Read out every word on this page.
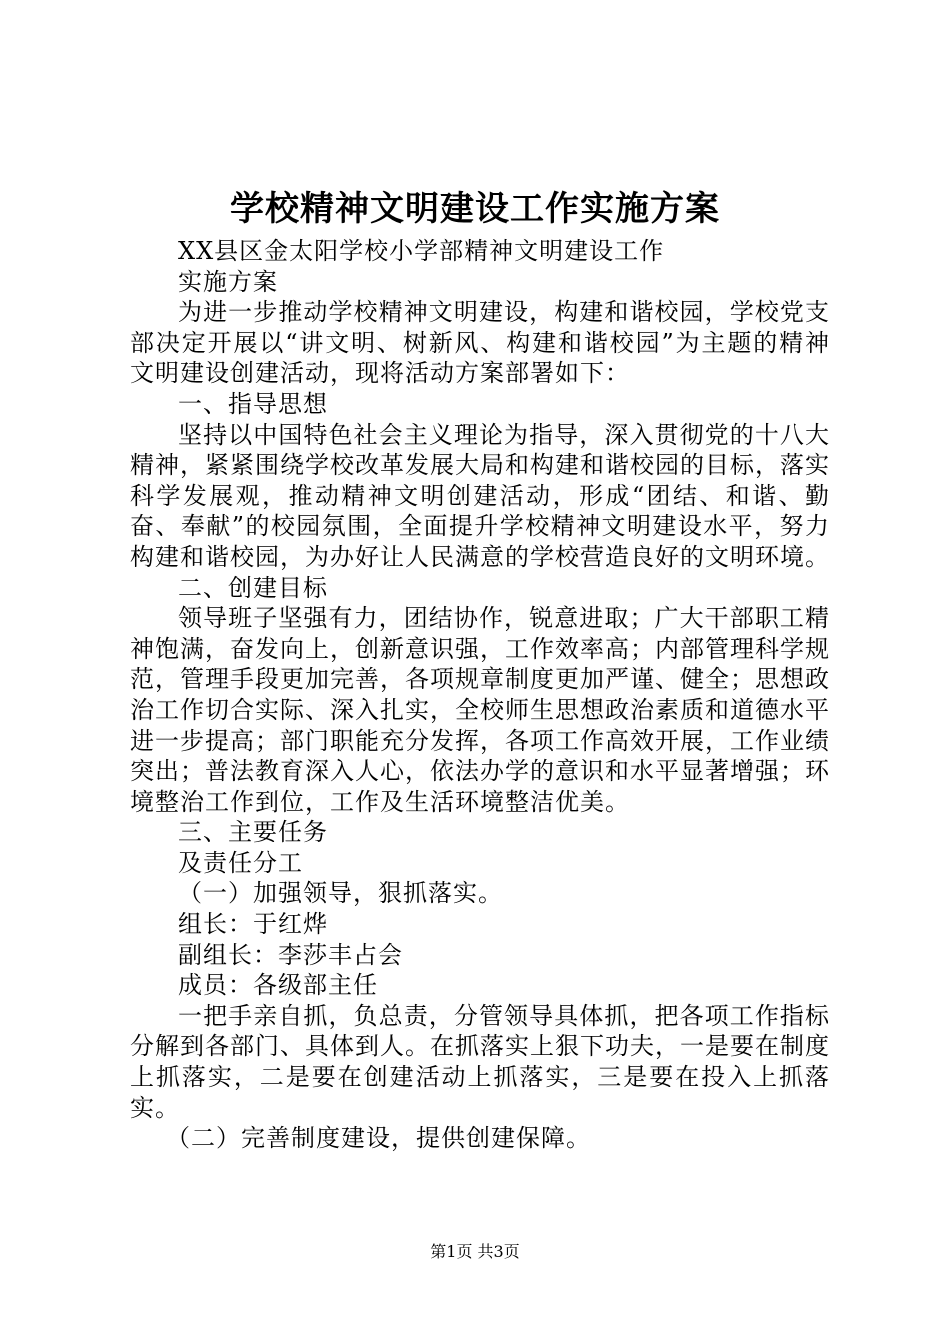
学校精神文明建设工作实施方案
XX县区金太阳学校小学部精神文明建设工作
实施方案
为进一步推动学校精神文明建设，构建和谐校园，学校党支部决定开展以“讲文明、树新风、构建和谐校园”为主题的精神文明建设创建活动，现将活动方案部署如下：
一、指导思想
坚持以中国特色社会主义理论为指导，深入贯彻党的十八大精神，紧紧围绕学校改革发展大局和构建和谐校园的目标，落实科学发展观，推动精神文明创建活动，形成“团结、和谐、勤奋、奉献”的校园氛围，全面提升学校精神文明建设水平，努力构建和谐校园，为办好让人民满意的学校营造良好的文明环境。
二、创建目标
领导班子坚强有力，团结协作，锐意进取；广大干部职工精神饱满，奋发向上，创新意识强，工作效率高；内部管理科学规范，管理手段更加完善，各项规章制度更加严谨、健全；思想政治工作切合实际、深入扎实，全校师生思想政治素质和道德水平进一步提高；部门职能充分发挥，各项工作高效开展，工作业绩突出；普法教育深入人心，依法办学的意识和水平显著增强；环境整治工作到位，工作及生活环境整洁优美。
三、主要任务
及责任分工
（一）加强领导，狠抓落实。
组长：于红烨
副组长：李莎丰占会
成员：各级部主任
一把手亲自抓，负总责，分管领导具体抓，把各项工作指标分解到各部门、具体到人。在抓落实上狠下功夫，一是要在制度上抓落实，二是要在创建活动上抓落实，三是要在投入上抓落实。
（二）完善制度建设，提供创建保障。
第1页 共3页
